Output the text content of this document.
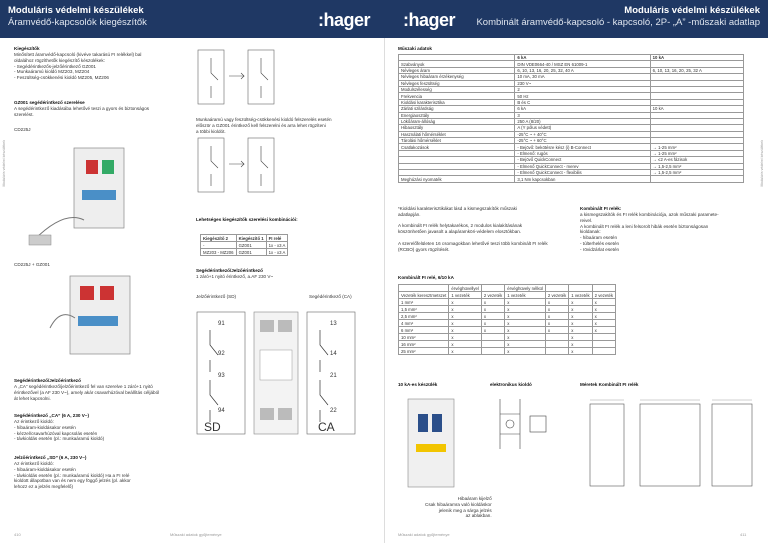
Moduláris védelmi készülékek
Áramvédő-kapcsolók kiegészítők	:hager :hager	Moduláris védelmi készülékek
Kombinált áramvédő-kapcsoló - kapcsoló, 2P- „A” -műszaki adatlap
Moduláris védelmi készülékek	Moduláris védelmi készülékek
Kiegészítők
Minősített áramvédő-kapcsoló (kivéve takarású FI relékkel) bal
oldalához rögzíthetők kiegészítő készülékek:
- Segédérintkezős-jelzőérintkező GZ001
- Munkaáramú kioldó MZ203, MZ204
- Feszültség-csökkenési kioldó MZ205, MZ206
GZ001 segédérintkező szerelése
A segédérintkező kiadásába lehetővé teszi a gyors és biztonságos
szerelést.
CD225J
CD225J + GZ001
Munkaáramú vagy feszültség-csökkenési kioldó felszerelés esetén
először a GZ001 érintkező kell felszerelni és arra lehet rögzíteni
a többi kioldót.
Lehetséges kiegészítők szerelési kombinációi:
Kiegészítő 2	Kiegészítő 1	FI relé
-	GZ001	1x - x3 A
MZ203 - MZ206	GZ001	1x - x3 A
Segédérintkező/Jelzőérintkező
1 záró+1 nyitó érintkező, a.AF 230 V~
Jelzőérintkező (SD)	Segédérintkező (CA)
91
92
93
94
13
14
21
22
SD	CA
Segédérintkező/Jelzőérintkező
A „CA” segédérintkező/jelzőérintkező fel van szerelve 1 záró+1 nyitó
érintkezővel (a AF 230 V~), amely akár csavarhúzóval beállítás céljából
át lehet kapcsolni.
Segédérintkező „CA” (6 A, 230 V~)
Az érintkező kioldó:
- hibaáram-kioldásakor esetén
- kézzel/csavarhúzóval kapcsolás esetén
- távkioldás esetén (pl.: munkaáramú kioldó)
Jelzőérintkező „SD” (6 A, 230 V~)
Az érintkező kioldó:
- hibaáram-kioldásakor esetén
- távkioldás esetén (pl.: munkaáramú kioldó) Ha a FI relé
kioldott állapotban van és nem egy föggő jelzés (pl. akkor
lehozz ez a jelzés megfelelő)
410	Műszaki adatok gyűjteménye
Műszaki adatok
	6 kA	10 kA
Szabványok	DIN VDE0664-40 / MSZ EN 61009-1	
Névleges áram	6, 10, 13, 16, 20, 25, 32, 40 A	6, 10, 13, 16, 20, 25, 32 A
Névleges hibaáram érzékenység	10 mA, 30 mA	
Névleges feszültség	230 V~	
Modulszélesség	2	
Frekvencia	50 Hz	
Kioldási karakterisztika	B és C	
Zárlati szilárdság	6 kA	10 kA
Energiaosztály	3	
Lökőáram-állóság	250 A (8/20)	
Hibaosztály	A (Y pólus védett)	
Használati hőmérséklet	-25°C ~ + 40°C	
Tárolási hőmérséklet	-25°C ~ + 60°C	
Csatlakozások	- Bejövő: bekötésre kész (i) B-Connect	→ 1-25 mm²
	- Elmenő: rugós	→ 1-25 mm²
	- Bejövő QuickConnect	→ ≤2 A-es fázisok
	- Elmenő QuickConnect - merev	→ 1,5-2,5 mm²
	- Elmenő QuickConnect - flexibilis	→ 1,5-2,5 mm²
Meghúzási nyomaték	3,1 Nm kapcsokban	
*Kioldási karakterisztikákat lásd a kismegszakítók műszaki
adatlapján.

A kombinált FI relék helytakarékos, 2 modulos kialakításának
köszönhetően javasolt a alapáramköri-védelem elosztókban.

A szerelőfelületen 16 csomagokban lehetővé teszi több kombinált FI relék
(RCBO) gyors rögzítését.
Kombinált FI relék:
a kismegszakítók és FI relék kombinációja, azok műszaki paramete-
reivel.
A kombinált FI relék a leni felsorolt hibák esetén biztonságosan
kioldanak:
- hibaáram esetén
- túlterhelés esetén
- rövidzárlat esetén
Kombinált FI relé, 6/10 kA
	érvéghüvellyel		érvéghüvely nélkül			
Vezeték keresztmetszet	1 vezeték	2 vezeték	1 vezeték	2 vezeték	1 vezeték	2 vezeték
1 mm²	x	x	x	x	x	x
1,5 mm²	x	x	x	x	x	x
2,5 mm²	x	x	x	x	x	x
4 mm²	x	x	x	x	x	x
6 mm²	x	x	x	x	x	x
10 mm²	x		x		x	
16 mm²	x		x		x	
25 mm²	x		x		x	
10 kA-es készülék	elektronikus kioldó	Méretek Kombinált FI relék
Hibaáram kijelző
Csak hibaáramra való kioldáskor
jelenik meg a sárga jelzés
az ablakban.
Műszaki adatok gyűjteménye	411
